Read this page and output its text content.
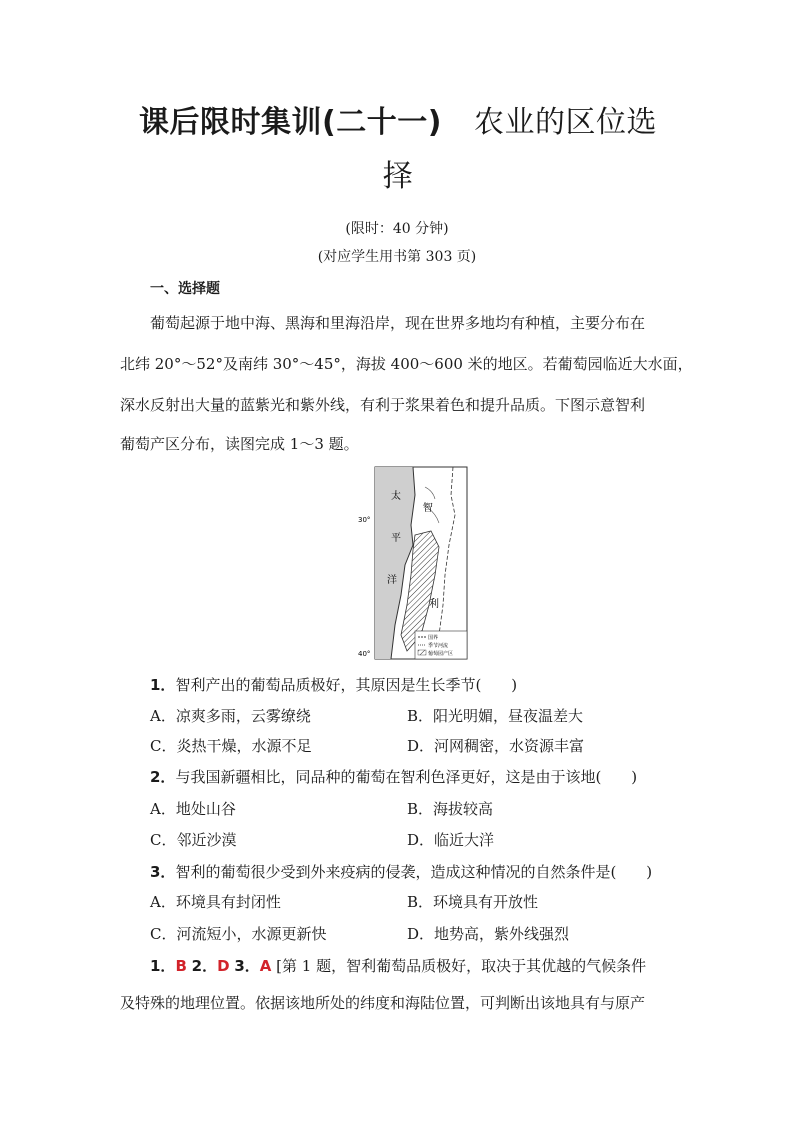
课后限时集训(二十一) 农业的区位选
择
(限时：40 分钟)
(对应学生用书第 303 页)
一、选择题
葡萄起源于地中海、黑海和里海沿岸，现在世界多地均有种植，主要分布在
北纬 20°～52°及南纬 30°～45°，海拔 400～600 米的地区。若葡萄园临近大水面，
深水反射出大量的蓝紫光和紫外线，有利于浆果着色和提升品质。下图示意智利
葡萄产区分布，读图完成 1～3 题。
太
平
洋
智
利
30°
40°
国界
季节河流
葡萄园产区
1．智利产出的葡萄品质极好，其原因是生长季节(　　)
A．凉爽多雨，云雾缭绕	B．阳光明媚，昼夜温差大
C．炎热干燥，水源不足	D．河网稠密，水资源丰富
2．与我国新疆相比，同品种的葡萄在智利色泽更好，这是由于该地(　　)
A．地处山谷	B．海拔较高
C．邻近沙漠	D．临近大洋
3．智利的葡萄很少受到外来疫病的侵袭，造成这种情况的自然条件是(　　)
A．环境具有封闭性	B．环境具有开放性
C．河流短小，水源更新快	D．地势高，紫外线强烈
1．B 2．D 3．A [第 1 题，智利葡萄品质极好，取决于其优越的气候条件
及特殊的地理位置。依据该地所处的纬度和海陆位置，可判断出该地具有与原产
